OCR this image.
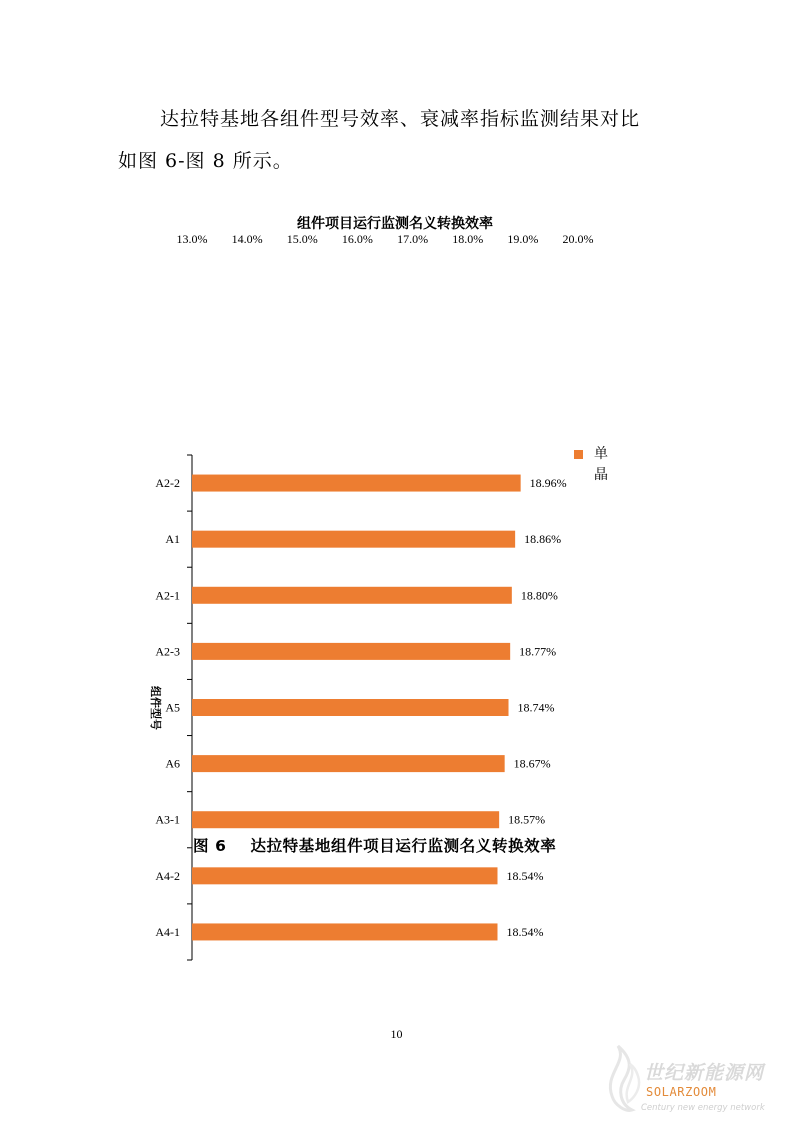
达拉特基地各组件型号效率、衰减率指标监测结果对比
如图 6-图 8 所示。
组件项目运行监测名义转换效率
13.0% 14.0% 15.0% 16.0% 17.0% 18.0% 19.0% 20.0%
A2-2	18.96%
A1	18.86%
A2-1	18.80%
A2-3	18.77%
A5	18.74%
A6	18.67%
A3-1	18.57%
A4-2	18.54%
A4-1	18.54%
组件型号
单
晶
图 6 达拉特基地组件项目运行监测名义转换效率
10
世纪新能源网
SOLARZOOM
Century new energy network
